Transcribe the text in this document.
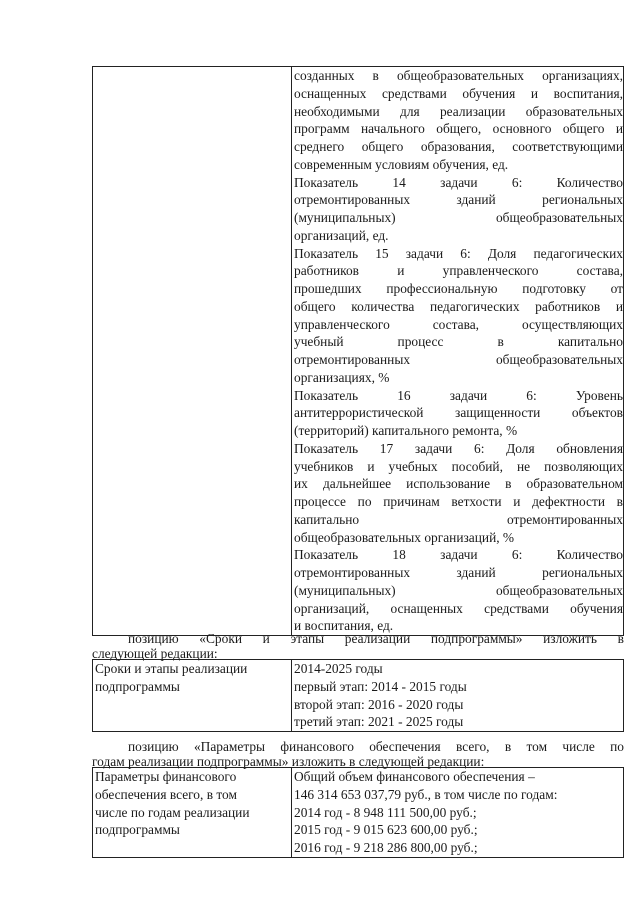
созданных в общеобразовательных организациях,
оснащенных средствами обучения и воспитания,
необходимыми для реализации образовательных
программ начального общего, основного общего и
среднего общего образования, соответствующими
современным условиям обучения, ед.
Показатель 14 задачи 6: Количество
отремонтированных зданий региональных
(муниципальных) общеобразовательных
организаций, ед.
Показатель 15 задачи 6: Доля педагогических
работников и управленческого состава,
прошедших профессиональную подготовку от
общего количества педагогических работников и
управленческого состава, осуществляющих
учебный процесс в капитально
отремонтированных общеобразовательных
организациях, %
Показатель 16 задачи 6: Уровень
антитеррористической защищенности объектов
(территорий) капитального ремонта, %
Показатель 17 задачи 6: Доля обновления
учебников и учебных пособий, не позволяющих
их дальнейшее использование в образовательном
процессе по причинам ветхости и дефектности в
капитально отремонтированных
общеобразовательных организаций, %
Показатель 18 задачи 6: Количество
отремонтированных зданий региональных
(муниципальных) общеобразовательных
организаций, оснащенных средствами обучения
и воспитания, ед.
позицию «Сроки и этапы реализации подпрограммы» изложить в
следующей редакции:
Сроки и этапы реализации
подпрограммы

2014-2025 годы
первый этап: 2014 - 2015 годы
второй этап: 2016 - 2020 годы
третий этап: 2021 - 2025 годы
позицию «Параметры финансового обеспечения всего, в том числе по
годам реализации подпрограммы» изложить в следующей редакции:
Параметры финансового
обеспечения всего, в том
числе по годам реализации
подпрограммы

Общий объем финансового обеспечения –
146 314 653 037,79 руб., в том числе по годам:
2014 год - 8 948 111 500,00 руб.;
2015 год - 9 015 623 600,00 руб.;
2016 год - 9 218 286 800,00 руб.;
